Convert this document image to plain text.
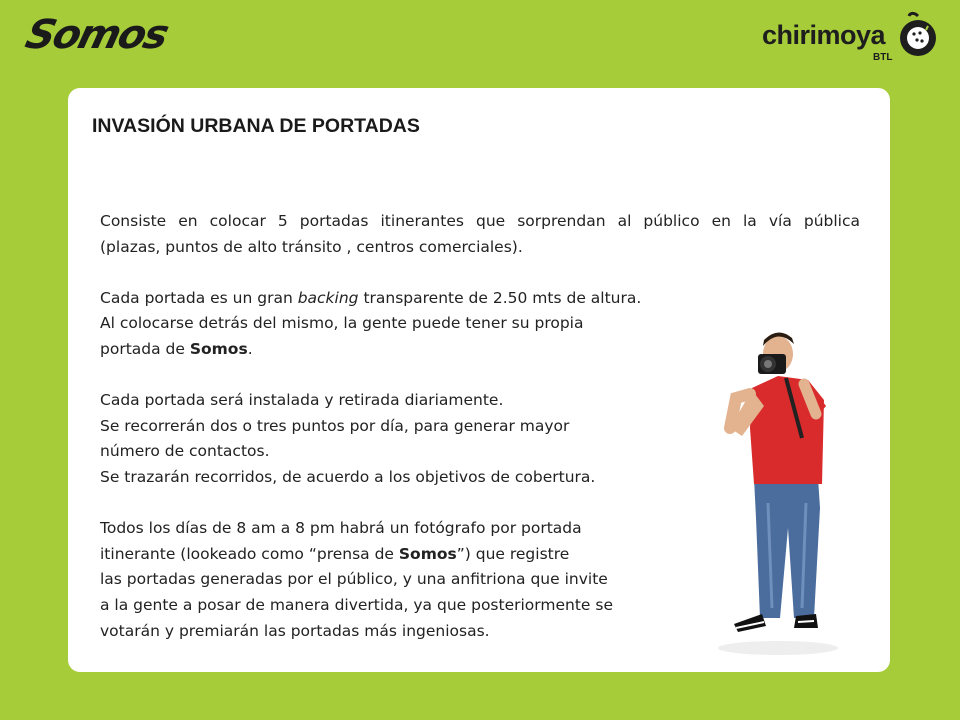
Somos	chirimoya
BTL
INVASIÓN URBANA DE PORTADAS
Consiste en colocar 5 portadas itinerantes que sorprendan al público en la vía pública
(plazas, puntos de alto tránsito , centros comerciales).
Cada portada es un gran backing transparente de 2.50 mts de altura.
Al colocarse detrás del mismo, la gente puede tener su propia
portada de Somos.
Cada portada será instalada y retirada diariamente.
Se recorrerán dos o tres puntos por día, para generar mayor
número de contactos.
Se trazarán recorridos, de acuerdo a los objetivos de cobertura.
Todos los días de 8 am a 8 pm habrá un fotógrafo por portada
itinerante (lookeado como “prensa de Somos”) que registre
las portadas generadas por el público, y una anfitriona que invite
a la gente a posar de manera divertida, ya que posteriormente se
votarán y premiarán las portadas más ingeniosas.
